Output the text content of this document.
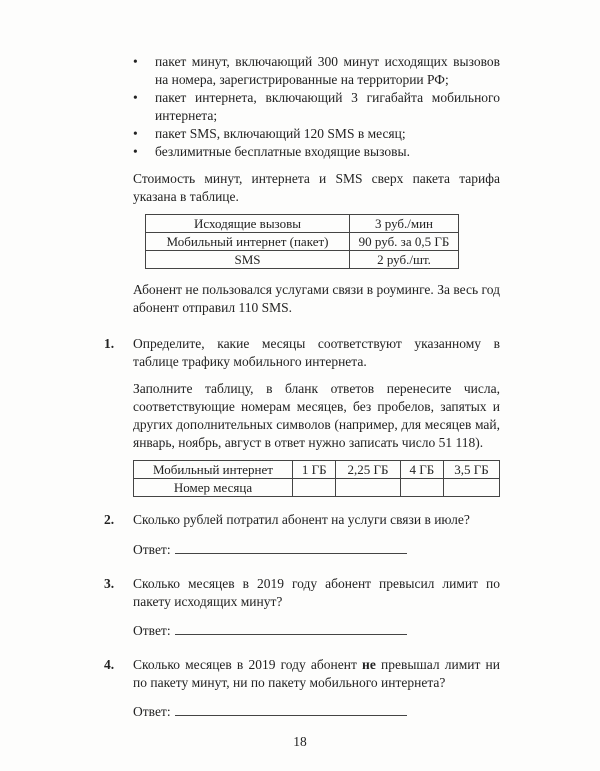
• пакет минут, включающий 300 минут исходящих вызовов на номера, зарегистрированные на территории РФ;
• пакет интернета, включающий 3 гигабайта мобильного интернета;
• пакет SMS, включающий 120 SMS в месяц;
• безлимитные бесплатные входящие вызовы.

Стоимость минут, интернета и SMS сверх пакета тарифа указана в таблице.

Исходящие вызовы	3 руб./мин
Мобильный интернет (пакет)	90 руб. за 0,5 ГБ
SMS	2 руб./шт.

Абонент не пользовался услугами связи в роуминге. За весь год абонент отправил 110 SMS.

1. Определите, какие месяцы соответствуют указанному в таблице трафику мобильного интернета.

Заполните таблицу, в бланк ответов перенесите числа, соответствующие номерам месяцев, без пробелов, запятых и других дополнительных символов (например, для месяцев май, январь, ноябрь, август в ответ нужно записать число 51 118).

Мобильный интернет	1 ГБ	2,25 ГБ	4 ГБ	3,5 ГБ
Номер месяца				
2. Сколько рублей потратил абонент на услуги связи в июле?

Ответ:
3. Сколько месяцев в 2019 году абонент превысил лимит по пакету исходящих минут?

Ответ:
4. Сколько месяцев в 2019 году абонент не превышал лимит ни по пакету минут, ни по пакету мобильного интернета?

Ответ:
18
